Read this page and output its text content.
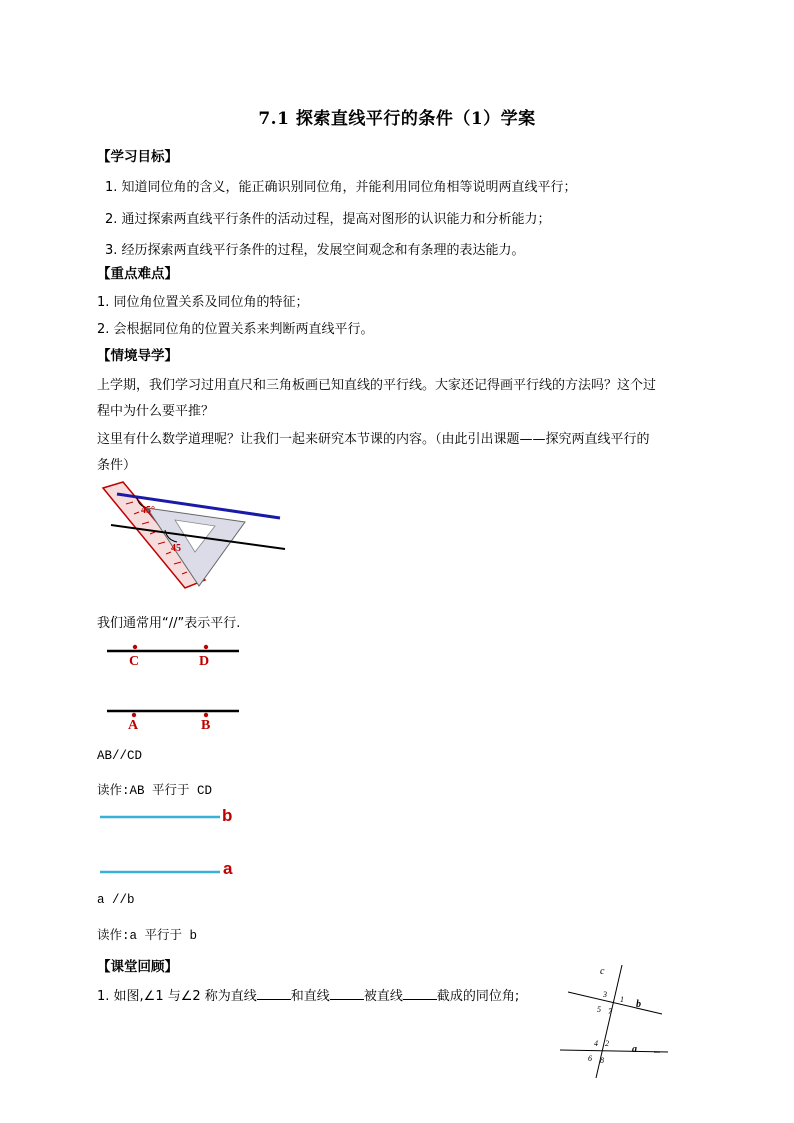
7.1 探索直线平行的条件（1）学案
【学习目标】
1. 知道同位角的含义，能正确识别同位角，并能利用同位角相等说明两直线平行；
2. 通过探索两直线平行条件的活动过程，提高对图形的认识能力和分析能力；
3. 经历探索两直线平行条件的过程，发展空间观念和有条理的表达能力。
【重点难点】
1. 同位角位置关系及同位角的特征；
2. 会根据同位角的位置关系来判断两直线平行。
【情境导学】
上学期，我们学习过用直尺和三角板画已知直线的平行线。大家还记得画平行线的方法吗？这个过
程中为什么要平推？
这里有什么数学道理呢？让我们一起来研究本节课的内容。（由此引出课题——探究两直线平行的
条件）
45°
45
我们通常用“//”表示平行.
C	D
A	B
AB//CD
读作:AB 平行于 CD
b
a
a //b
读作:a 平行于 b
【课堂回顾】
1. 如图,∠1 与∠2 称为直线	和直线	被直线	截成的同位角;
c
b
a
3
1
5 7
4 2
6 8
